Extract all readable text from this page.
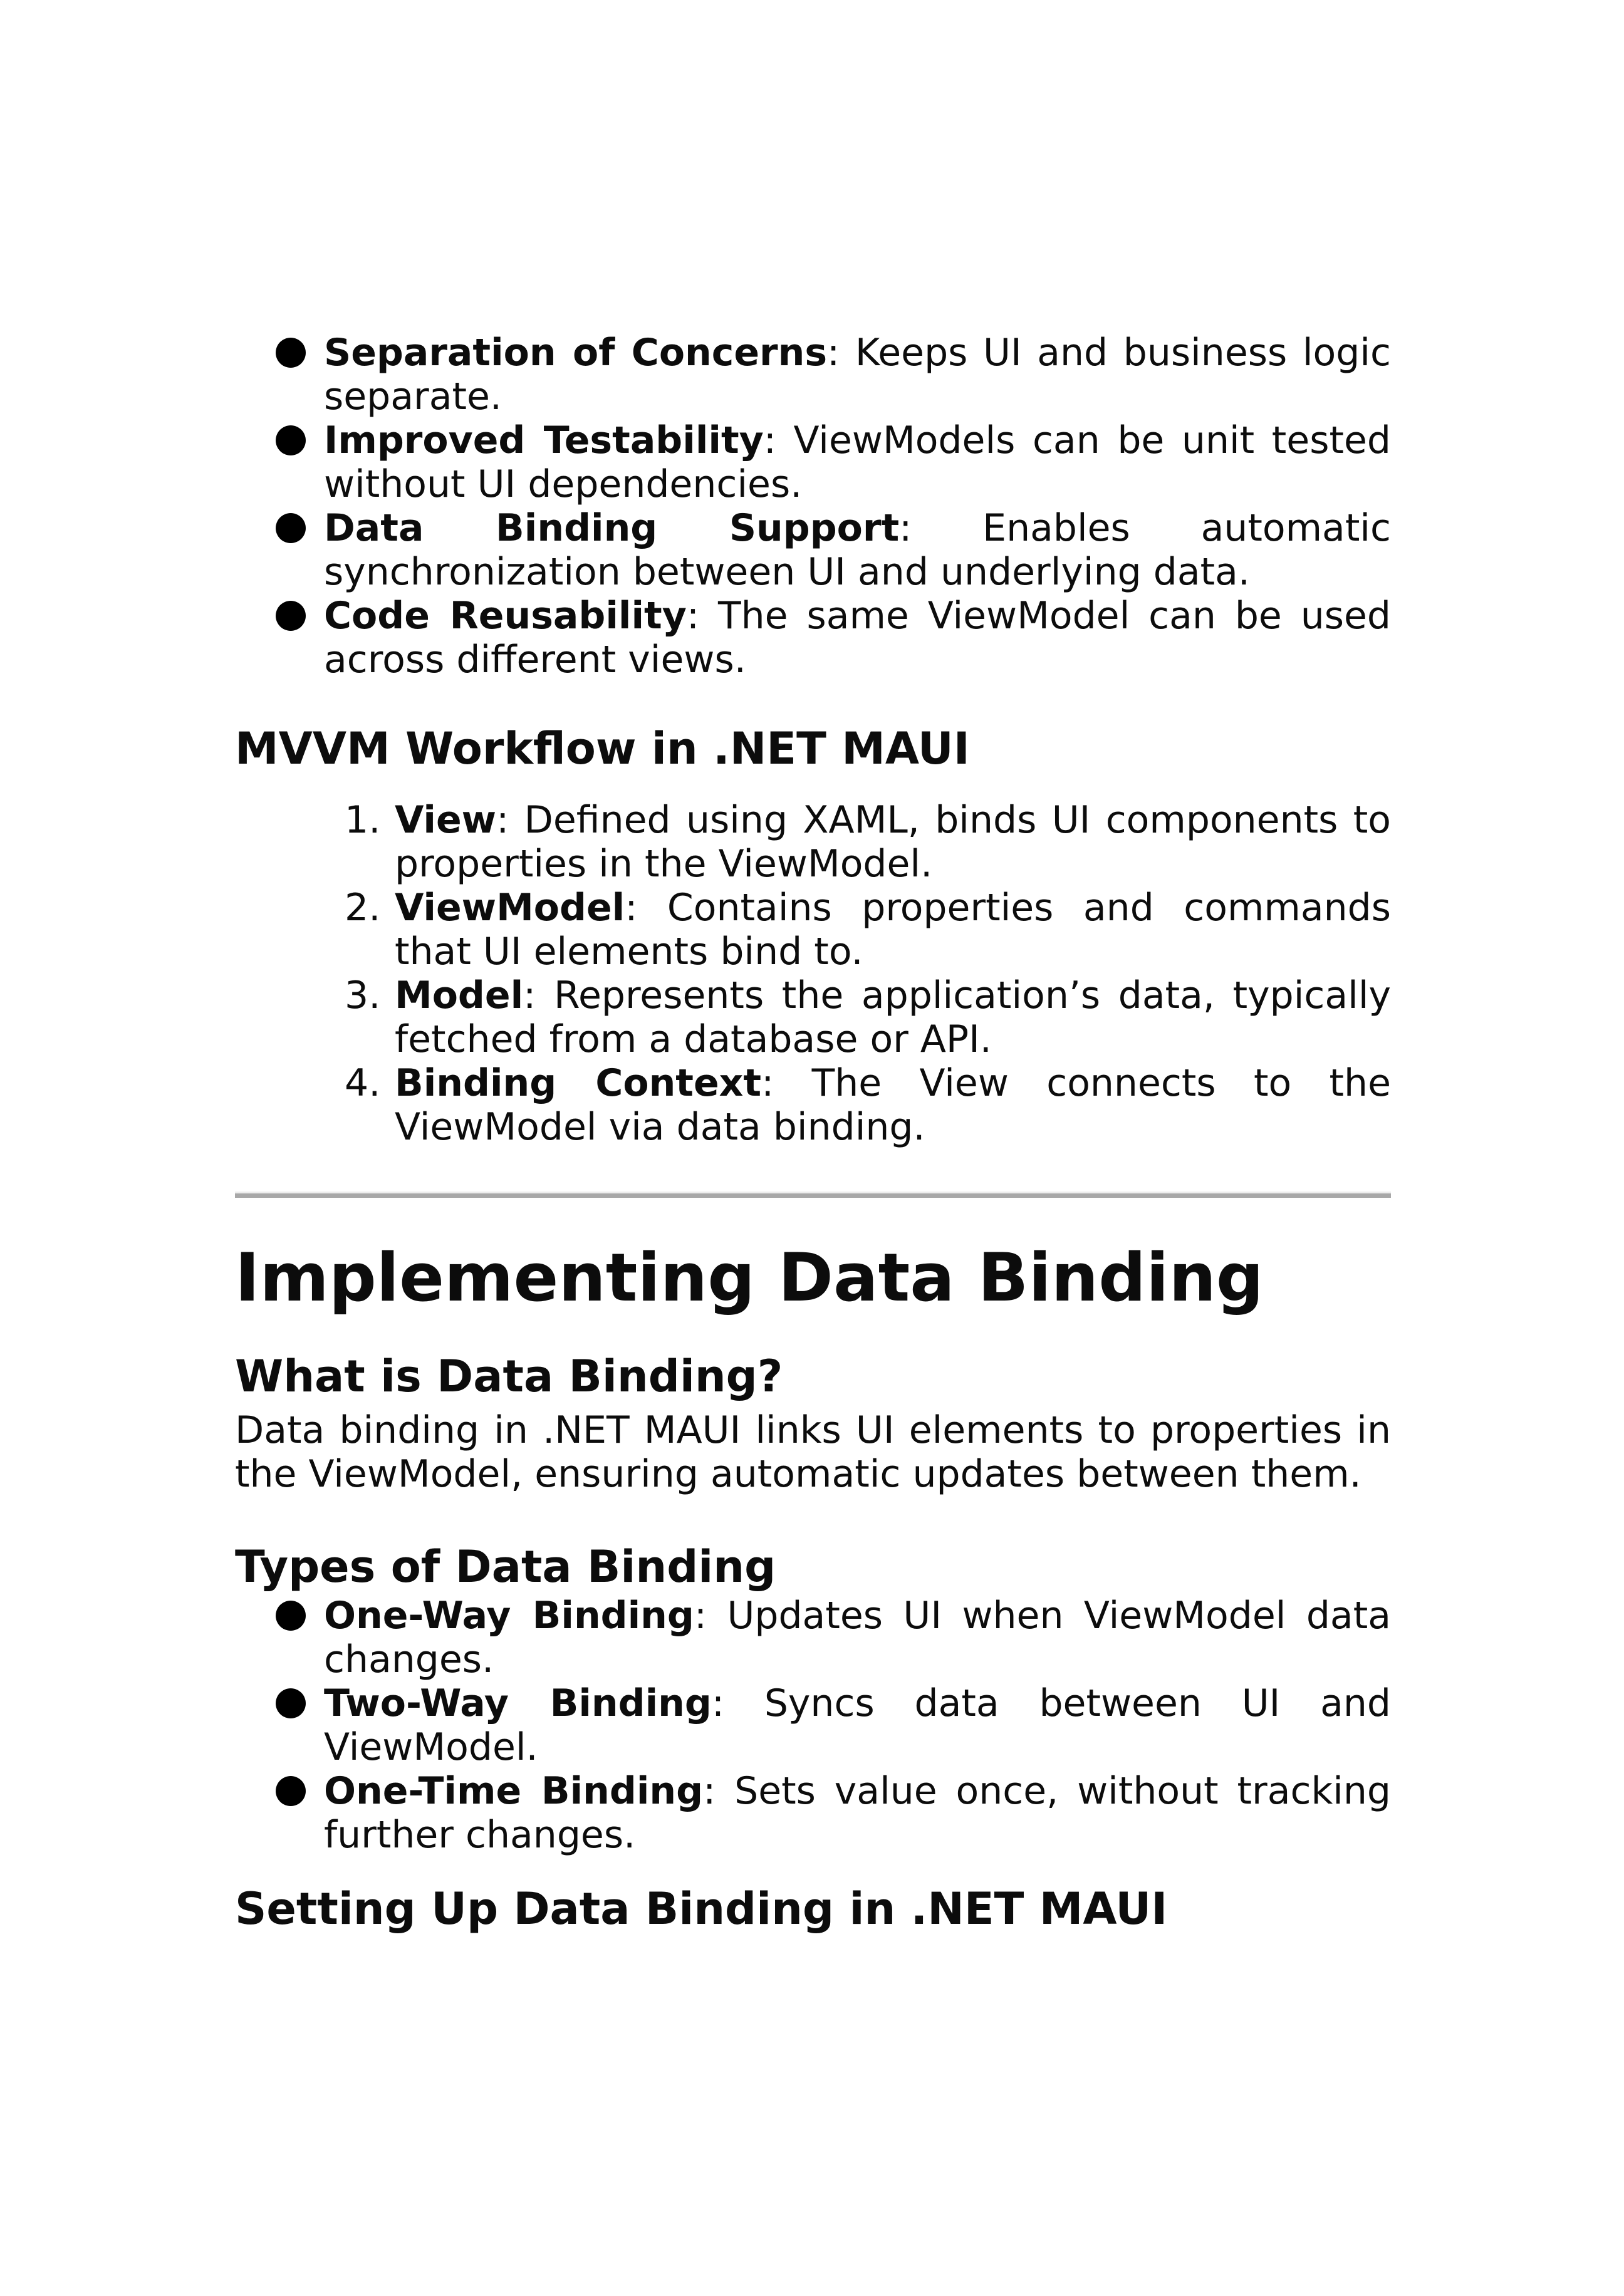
Separation of Concerns: Keeps UI and business logic separate.
Improved Testability: ViewModels can be unit tested without UI dependencies.
Data Binding Support: Enables automatic synchronization between UI and underlying data.
Code Reusability: The same ViewModel can be used across different views.
MVVM Workflow in .NET MAUI
View: Defined using XAML, binds UI components to properties in the ViewModel.
ViewModel: Contains properties and commands that UI elements bind to.
Model: Represents the application’s data, typically fetched from a database or API.
Binding Context: The View connects to the ViewModel via data binding.
Implementing Data Binding
What is Data Binding?

Data binding in .NET MAUI links UI elements to properties in the ViewModel, ensuring automatic updates between them.

Types of Data Binding
One-Way Binding: Updates UI when ViewModel data changes.
Two-Way Binding: Syncs data between UI and ViewModel.
One-Time Binding: Sets value once, without tracking further changes.
Setting Up Data Binding in .NET MAUI
